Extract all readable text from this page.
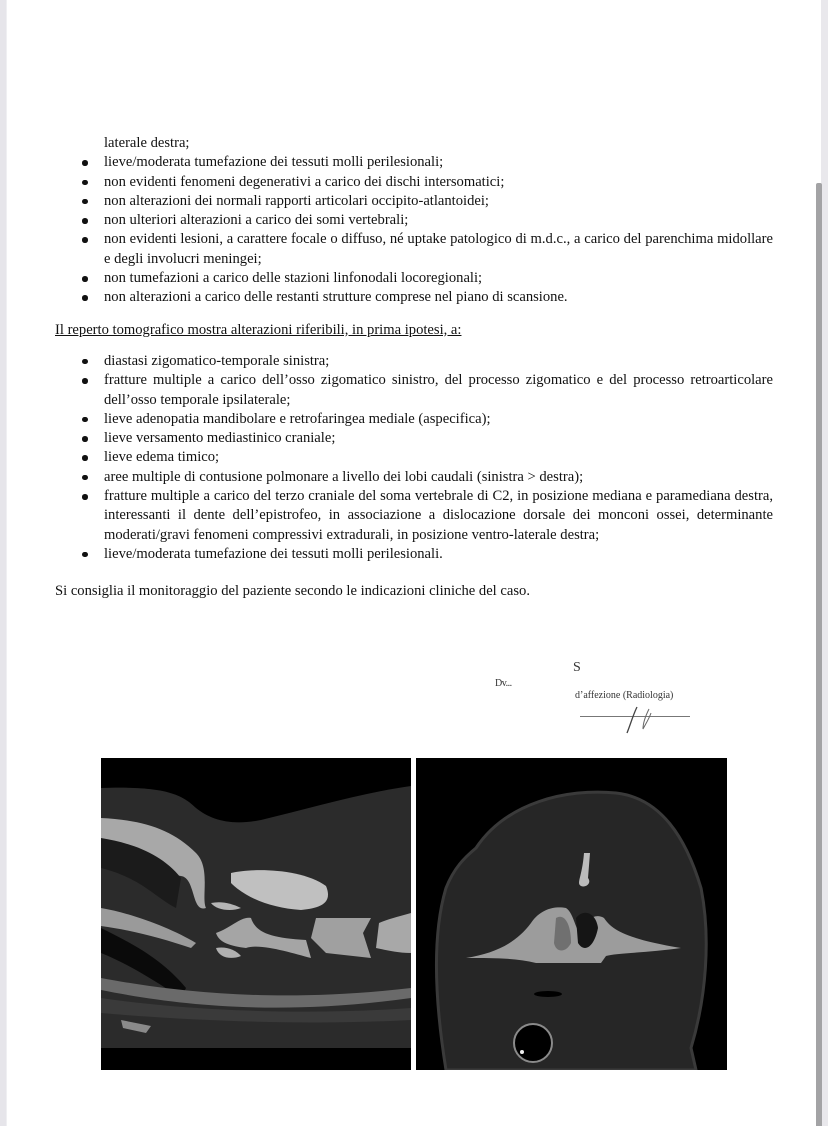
laterale destra;
lieve/moderata tumefazione dei tessuti molli perilesionali;
non evidenti fenomeni degenerativi a carico dei dischi intersomatici;
non alterazioni dei normali rapporti articolari occipito-atlantoidei;
non ulteriori alterazioni a carico dei somi vertebrali;
non evidenti lesioni, a carattere focale o diffuso, né uptake patologico di m.d.c., a carico del parenchima midollare e degli involucri meningei;
non tumefazioni a carico delle stazioni linfonodali locoregionali;
non alterazioni a carico delle restanti strutture comprese nel piano di scansione.
Il reperto tomografico mostra alterazioni riferibili, in prima ipotesi, a:
diastasi zigomatico-temporale sinistra;
fratture multiple a carico dell’osso zigomatico sinistro, del processo zigomatico e del processo retroarticolare dell’osso temporale ipsilaterale;
lieve adenopatia mandibolare e retrofaringea mediale (aspecifica);
lieve versamento mediastinico craniale;
lieve edema timico;
aree multiple di contusione polmonare a livello dei lobi caudali (sinistra > destra);
fratture multiple a carico del terzo craniale del soma vertebrale di C2, in posizione mediana e paramediana destra, interessanti il dente dell’epistrofeo, in associazione a dislocazione dorsale dei monconi ossei, determinante moderati/gravi fenomeni compressivi extradurali, in posizione ventro-laterale destra;
lieve/moderata tumefazione dei tessuti molli perilesionali.
Si consiglia il monitoraggio del paziente secondo le indicazioni cliniche del caso.
S
Dv...
d’affezione (Radiologia)
